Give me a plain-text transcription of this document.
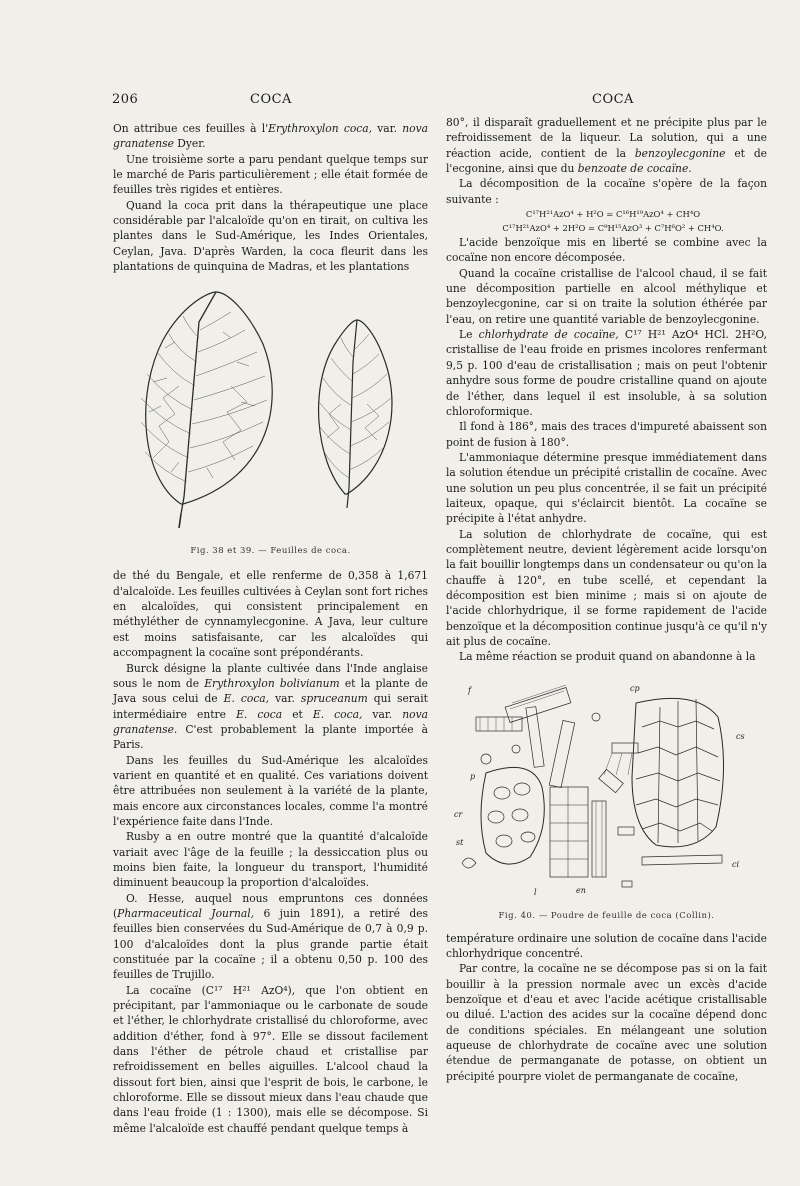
206	COCA	COCA

On attribue ces feuilles à l'Erythroxylon coca, var. nova granatense Dyer.

Une troisième sorte a paru pendant quelque temps sur le marché de Paris particulièrement ; elle était formée de feuilles très rigides et entières.

Quand la coca prit dans la thérapeutique une place considérable par l'alcaloïde qu'on en tirait, on cultiva les plantes dans le Sud-Amérique, les Indes Orientales, Ceylan, Java. D'après Warden, la coca fleurit dans les plantations de quinquina de Madras, et les plantations

Fig. 38 et 39. — Feuilles de coca.

de thé du Bengale, et elle renferme de 0,358 à 1,671 d'alcaloïde. Les feuilles cultivées à Ceylan sont fort riches en alcaloïdes, qui consistent principalement en méthyléther de cynnamylecgonine. A Java, leur culture est moins satisfaisante, car les alcaloïdes qui accompagnent la cocaïne sont prépondérants.

Burck désigne la plante cultivée dans l'Inde anglaise sous le nom de Erythroxylon bolivianum et la plante de Java sous celui de E. coca, var. spruceanum qui serait intermédiaire entre E. coca et E. coca, var. nova granatense. C'est probablement la plante importée à Paris.

Dans les feuilles du Sud-Amérique les alcaloïdes varient en quantité et en qualité. Ces variations doivent être attribuées non seulement à la variété de la plante, mais encore aux circonstances locales, comme l'a montré l'expérience faite dans l'Inde.

Rusby a en outre montré que la quantité d'alcaloïde variait avec l'âge de la feuille ; la dessiccation plus ou moins bien faite, la longueur du transport, l'humidité diminuent beaucoup la proportion d'alcaloïdes.

O. Hesse, auquel nous empruntons ces données (Pharmaceutical Journal, 6 juin 1891), a retiré des feuilles bien conservées du Sud-Amérique de 0,7 à 0,9 p. 100 d'alcaloïdes dont la plus grande partie était constituée par la cocaïne ; il a obtenu 0,50 p. 100 des feuilles de Trujillo.

La cocaïne (C¹⁷ H²¹ AzO⁴), que l'on obtient en précipitant, par l'ammoniaque ou le carbonate de soude et l'éther, le chlorhydrate cristallisé du chloroforme, avec addition d'éther, fond à 97°. Elle se dissout facilement dans l'éther de pétrole chaud et cristallise par refroidissement en belles aiguilles. L'alcool chaud la dissout fort bien, ainsi que l'esprit de bois, le carbone, le chloroforme. Elle se dissout mieux dans l'eau chaude que dans l'eau froide (1 : 1300), mais elle se décompose. Si même l'alcaloïde est chauffé pendant quelque temps à

80°, il disparaît graduellement et ne précipite plus par le refroidissement de la liqueur. La solution, qui a une réaction acide, contient de la benzoylecgonine et de l'ecgonine, ainsi que du benzoate de cocaïne.

La décomposition de la cocaïne s'opère de la façon suivante :

C¹⁷H²¹AzO⁴ + H²O = C¹⁶H¹⁹AzO⁴ + CH⁴O

C¹⁷H²¹AzO⁴ + 2H²O = C⁹H¹⁵AzO³ + C⁷H⁶O² + CH⁴O.

L'acide benzoïque mis en liberté se combine avec la cocaïne non encore décomposée.

Quand la cocaïne cristallise de l'alcool chaud, il se fait une décomposition partielle en alcool méthylique et benzoylecgonine, car si on traite la solution éthérée par l'eau, on retire une quantité variable de benzoylecgonine.

Le chlorhydrate de cocaïne, C¹⁷ H²¹ AzO⁴ HCl. 2H²O, cristallise de l'eau froide en prismes incolores renfermant 9,5 p. 100 d'eau de cristallisation ; mais on peut l'obtenir anhydre sous forme de poudre cristalline quand on ajoute de l'éther, dans lequel il est insoluble, à sa solution chloroformique.

Il fond à 186°, mais des traces d'impureté abaissent son point de fusion à 180°.

L'ammoniaque détermine presque immédiatement dans la solution étendue un précipité cristallin de cocaïne. Avec une solution un peu plus concentrée, il se fait un précipité laiteux, opaque, qui s'éclaircit bientôt. La cocaïne se précipite à l'état anhydre.

La solution de chlorhydrate de cocaïne, qui est complètement neutre, devient légèrement acide lorsqu'on la fait bouillir longtemps dans un condensateur ou qu'on la chauffe à 120°, en tube scellé, et cependant la décomposition est bien minime ; mais si on ajoute de l'acide chlorhydrique, il se forme rapidement de l'acide benzoïque et la décomposition continue jusqu'à ce qu'il n'y ait plus de cocaïne.

La même réaction se produit quand on abandonne à la

f	cp
cs
p
cr
st
l	en
ci
Fig. 40. — Poudre de feuille de coca (Collin).

température ordinaire une solution de cocaïne dans l'acide chlorhydrique concentré.

Par contre, la cocaïne ne se décompose pas si on la fait bouillir à la pression normale avec un excès d'acide benzoïque et d'eau et avec l'acide acétique cristallisable ou dilué. L'action des acides sur la cocaïne dépend donc de conditions spéciales. En mélangeant une solution aqueuse de chlorhydrate de cocaïne avec une solution étendue de permanganate de potasse, on obtient un précipité pourpre violet de permanganate de cocaïne,
